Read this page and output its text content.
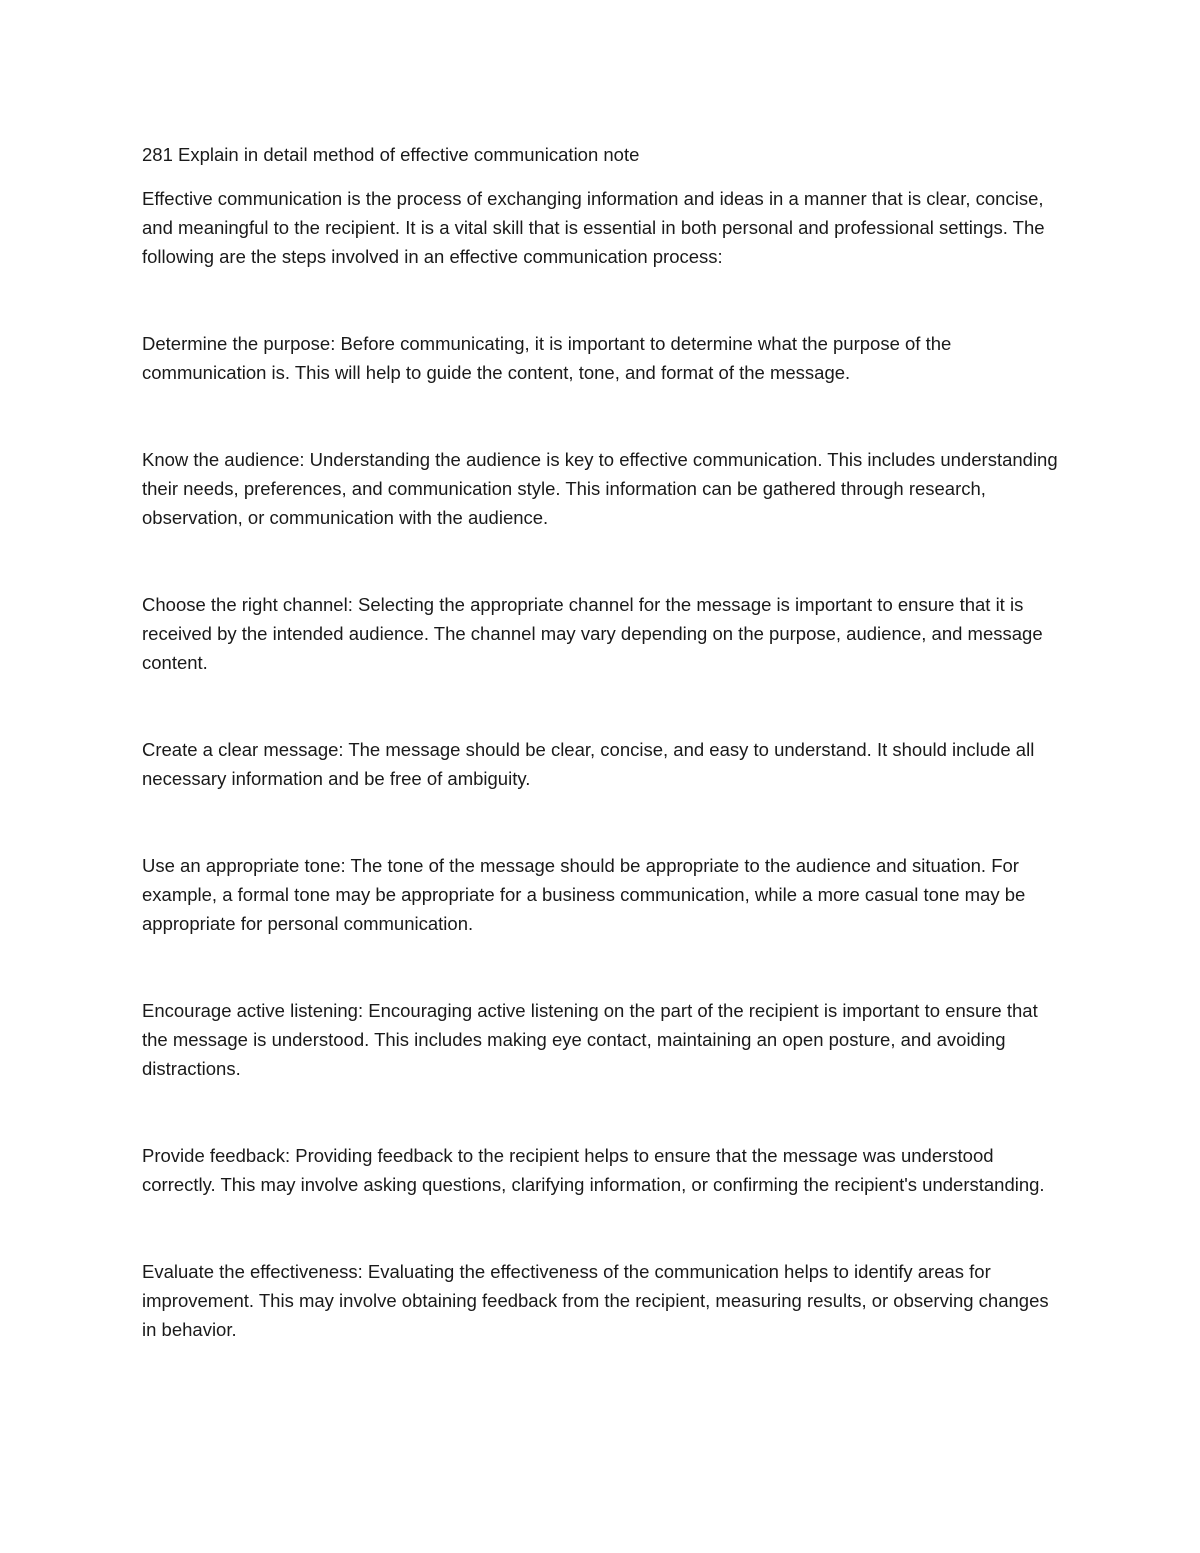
281 Explain in detail method of effective communication note

Effective communication is the process of exchanging information and ideas in a manner that is clear, concise, and meaningful to the recipient. It is a vital skill that is essential in both personal and professional settings. The following are the steps involved in an effective communication process:

Determine the purpose: Before communicating, it is important to determine what the purpose of the communication is. This will help to guide the content, tone, and format of the message.

Know the audience: Understanding the audience is key to effective communication. This includes understanding their needs, preferences, and communication style. This information can be gathered through research, observation, or communication with the audience.

Choose the right channel: Selecting the appropriate channel for the message is important to ensure that it is received by the intended audience. The channel may vary depending on the purpose, audience, and message content.

Create a clear message: The message should be clear, concise, and easy to understand. It should include all necessary information and be free of ambiguity.

Use an appropriate tone: The tone of the message should be appropriate to the audience and situation. For example, a formal tone may be appropriate for a business communication, while a more casual tone may be appropriate for personal communication.

Encourage active listening: Encouraging active listening on the part of the recipient is important to ensure that the message is understood. This includes making eye contact, maintaining an open posture, and avoiding distractions.

Provide feedback: Providing feedback to the recipient helps to ensure that the message was understood correctly. This may involve asking questions, clarifying information, or confirming the recipient's understanding.

Evaluate the effectiveness: Evaluating the effectiveness of the communication helps to identify areas for improvement. This may involve obtaining feedback from the recipient, measuring results, or observing changes in behavior.
